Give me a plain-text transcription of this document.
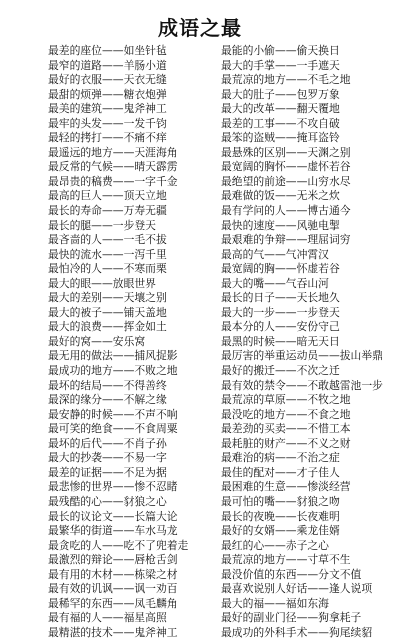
成语之最
最差的座位——如坐针毡
最窄的道路——羊肠小道
最好的衣服——天衣无缝
最甜的烦弹——糖衣炮弹
最美的建筑——鬼斧神工
最牢的头发——一发千钧
最轻的拷打——不痛不痒
最遥远的地方——天涯海角
最反常的气候——晴天霹雳
最昂贵的稿费——一字千金
最高的巨人——顶天立地
最长的寿命——万寿无疆
最长的腿——一步登天
最吝啬的人——一毛不拔
最快的流水——一泻千里
最怕冷的人——不寒而栗
最大的眼——放眼世界
最大的差别——天壤之别
最大的被子——铺天盖地
最大的浪费——挥金如土
最好的窝——安乐窝
最无用的做法——捕风捉影
最成功的地方——不败之地
最坏的结局——不得善终
最深的缘分——不解之缘
最安静的时候——不声不响
最可笑的绝食——不食周粟
最坏的后代——不肖子孙
最大的抄袭——不易一字
最差的证据——不足为据
最悲惨的世界——惨不忍睹
最残酷的心——豺狼之心
最长的议论文——长篇大论
最繁华的街道——车水马龙
最贪吃的人——吃不了兜着走
最激烈的辩论——唇枪舌剑
最有用的木材——栋梁之材
最有效的讥讽——讽一劝百
最稀罕的东西——凤毛麟角
最有福的人——福星高照
最精湛的技术——鬼斧神工
最能的小偷——偷天换日
最大的手掌——一手遮天
最荒凉的地方——不毛之地
最大的肚子——包罗万象
最大的改革——翻天覆地
最差的工事——不攻自破
最笨的盗贼——掩耳盗铃
最悬殊的区别——天渊之别
最宽阔的胸怀——虚怀若谷
最绝望的前途——山穷水尽
最难做的饭——无米之炊
最有学问的人——博古通今
最快的速度——风驰电掣
最艰难的争辩——理屈词穷
最高的气——气冲霄汉
最宽阔的胸——怀虚若谷
最大的嘴——气吞山河
最长的日子——天长地久
最大的一步——一步登天
最本分的人——安份守己
最黑的时候——暗无天日
最厉害的举重运动员——拔山举鼎
最好的搬迁——不次之迁
最有效的禁令——不敢越雷池一步
最荒凉的草原——不牧之地
最没吃的地方——不食之地
最差劲的买卖——不惜工本
最耗脏的财产——不义之财
最难治的病——不治之症
最佳的配对——才子佳人
最困难的生意——惨淡经营
最可怕的嘴——豺狼之吻
最长的夜晚——长夜难明
最好的女婿——乘龙佳婿
最红的心——赤子之心
最荒凉的地方——寸草不生
最没价值的东西——分文不值
最喜欢说别人好话——逢人说项
最大的福——福如东海
最好的副业门径——狗拿耗子
最成功的外科手术——狗尾续貂
